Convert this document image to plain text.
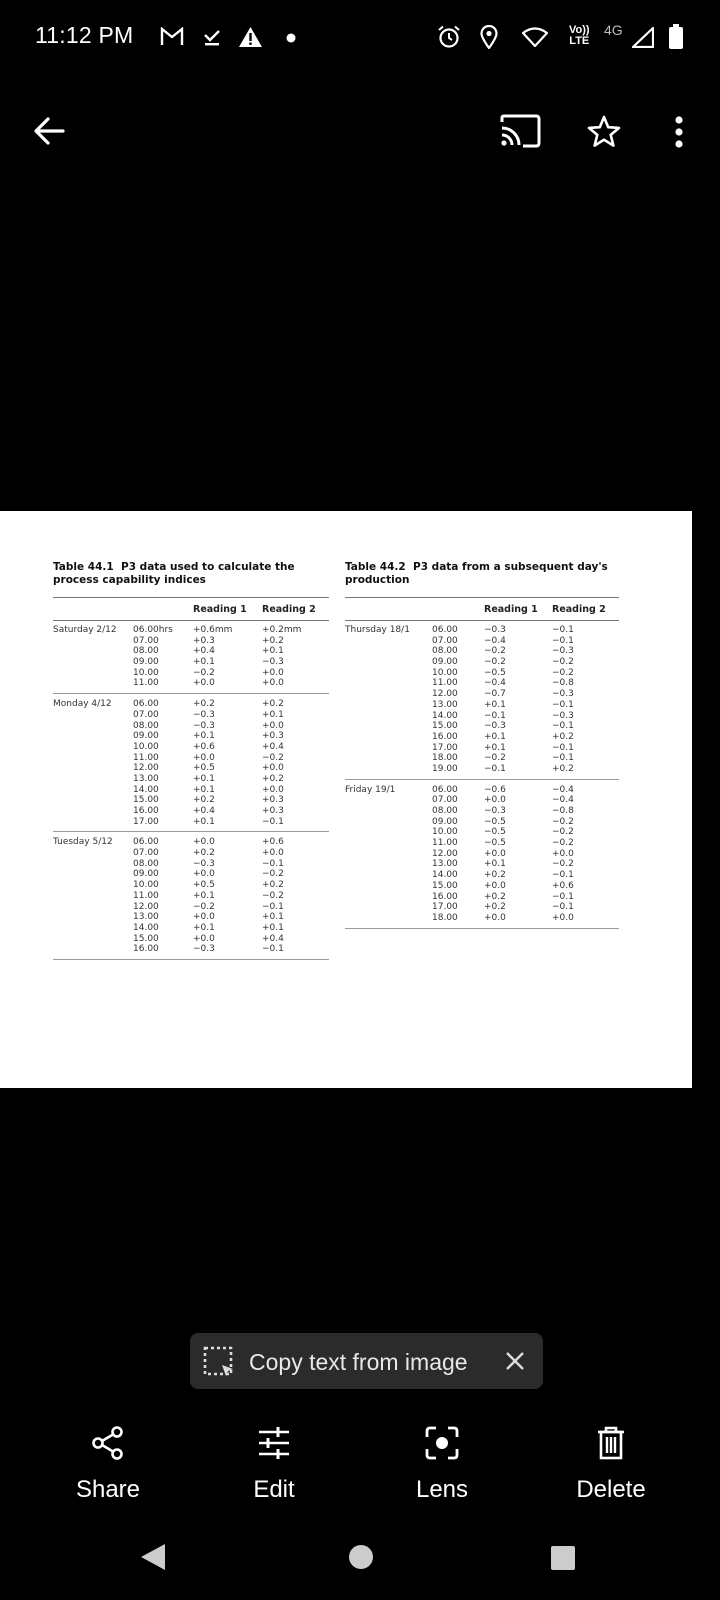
11:12 PM	Vo))
LTE
4G
Table 44.1 P3 data used to calculate the process capability indices
Reading 1 Reading 2
Saturday 2/12 06.00hrs +0.6mm	+0.2mm
07.00	+0.3	+0.2
08.00	+0.4	+0.1
09.00	+0.1	−0.3
10.00	−0.2	+0.0
11.00	+0.0	+0.0
Monday 4/12 06.00	+0.2	+0.2
07.00	−0.3	+0.1
08.00	−0.3	+0.0
09.00	+0.1	+0.3
10.00	+0.6	+0.4
11.00	+0.0	−0.2
12.00	+0.5	+0.0
13.00	+0.1	+0.2
14.00	+0.1	+0.0
15.00	+0.2	+0.3
16.00	+0.4	+0.3
17.00	+0.1	−0.1
Tuesday 5/12 06.00	+0.0	+0.6
07.00	+0.2	+0.0
08.00	−0.3	−0.1
09.00	+0.0	−0.2
10.00	+0.5	+0.2
11.00	+0.1	−0.2
12.00	−0.2	−0.1
13.00	+0.0	+0.1
14.00	+0.1	+0.1
15.00	+0.0	+0.4
16.00	−0.3	−0.1
Table 44.2 P3 data from a subsequent day's production
Reading 1 Reading 2
Thursday 18/1 06.00	−0.3	−0.1
07.00	−0.4	−0.1
08.00	−0.2	−0.3
09.00	−0.2	−0.2
10.00	−0.5	−0.2
11.00	−0.4	−0.8
12.00	−0.7	−0.3
13.00	+0.1	−0.1
14.00	−0.1	−0.3
15.00	−0.3	−0.1
16.00	+0.1	+0.2
17.00	+0.1	−0.1
18.00	−0.2	−0.1
19.00	−0.1	+0.2
Friday 19/1	06.00	−0.6	−0.4
07.00	+0.0	−0.4
08.00	−0.3	−0.8
09.00	−0.5	−0.2
10.00	−0.5	−0.2
11.00	−0.5	−0.2
12.00	+0.0	+0.0
13.00	+0.1	−0.2
14.00	+0.2	−0.1
15.00	+0.0	+0.6
16.00	+0.2	−0.1
17.00	+0.2	−0.1
18.00	+0.0	+0.0
Copy text from image
Share	Edit	Lens	Delete
